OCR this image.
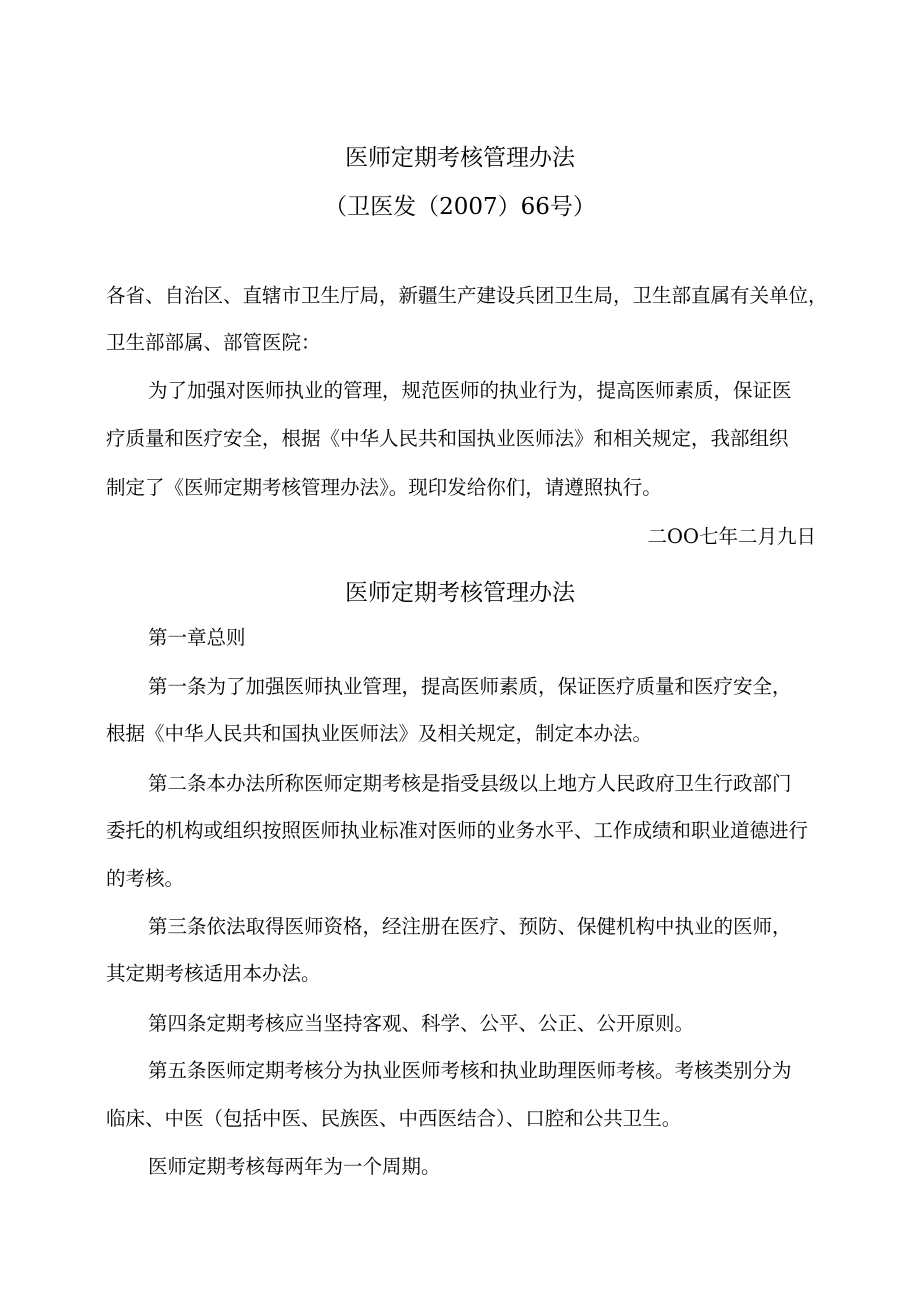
医师定期考核管理办法
（卫医发（2007）66号）
各省、自治区、直辖市卫生厅局，新疆生产建设兵团卫生局，卫生部直属有关单位，
卫生部部属、部管医院：
为了加强对医师执业的管理，规范医师的执业行为，提高医师素质，保证医
疗质量和医疗安全，根据《中华人民共和国执业医师法》和相关规定，我部组织
制定了《医师定期考核管理办法》。现印发给你们，请遵照执行。
二OO七年二月九日
医师定期考核管理办法
第一章总则
第一条为了加强医师执业管理，提高医师素质，保证医疗质量和医疗安全，
根据《中华人民共和国执业医师法》及相关规定，制定本办法。
第二条本办法所称医师定期考核是指受县级以上地方人民政府卫生行政部门
委托的机构或组织按照医师执业标准对医师的业务水平、工作成绩和职业道德进行
的考核。
第三条依法取得医师资格，经注册在医疗、预防、保健机构中执业的医师，
其定期考核适用本办法。
第四条定期考核应当坚持客观、科学、公平、公正、公开原则。
第五条医师定期考核分为执业医师考核和执业助理医师考核。考核类别分为
临床、中医（包括中医、民族医、中西医结合）、口腔和公共卫生。
医师定期考核每两年为一个周期。
